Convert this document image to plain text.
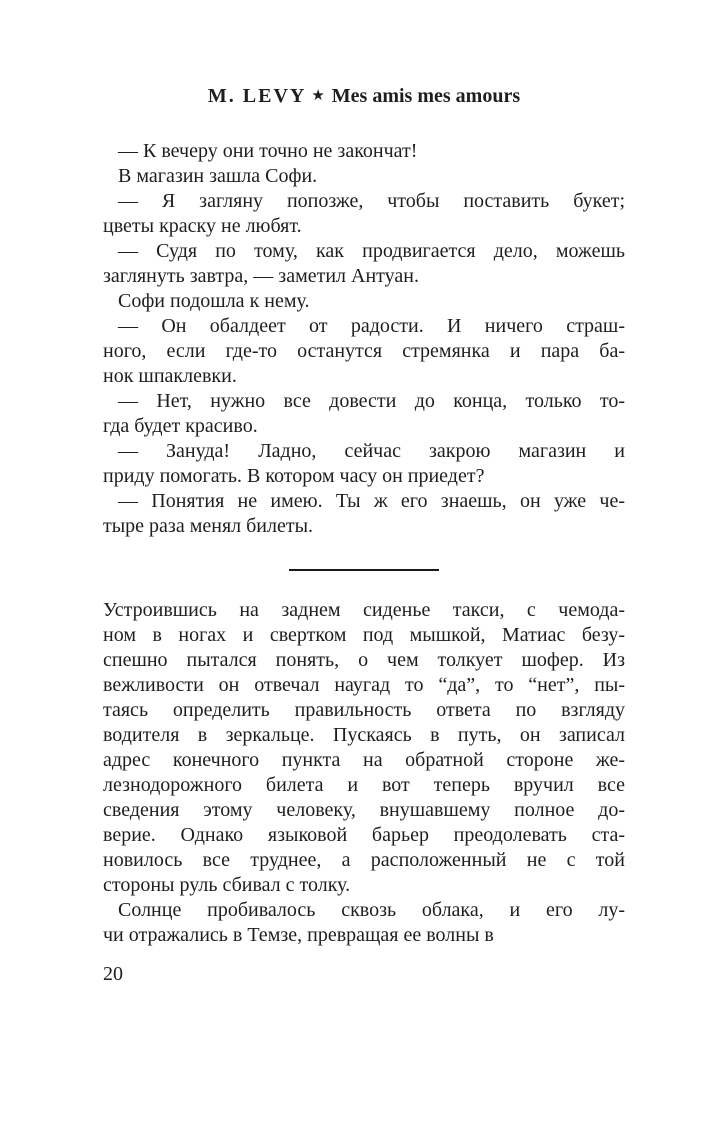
M. LEVY ★ Mes amis mes amours
— К вечеру они точно не закончат!
В магазин зашла Софи.
— Я загляну попозже, чтобы поставить букет;
цветы краску не любят.
— Судя по тому, как продвигается дело, можешь
заглянуть завтра, — заметил Антуан.
Софи подошла к нему.
— Он обалдеет от радости. И ничего страш-
ного, если где-то останутся стремянка и пара ба-
нок шпаклевки.
— Нет, нужно все довести до конца, только то-
гда будет красиво.
— Зануда! Ладно, сейчас закрою магазин и
приду помогать. В котором часу он приедет?
— Понятия не имею. Ты ж его знаешь, он уже че-
тыре раза менял билеты.
Устроившись на заднем сиденье такси, с чемода-
ном в ногах и свертком под мышкой, Матиас безу-
спешно пытался понять, о чем толкует шофер. Из
вежливости он отвечал наугад то “да”, то “нет”, пы-
таясь определить правильность ответа по взгляду
водителя в зеркальце. Пускаясь в путь, он записал
адрес конечного пункта на обратной стороне же-
лезнодорожного билета и вот теперь вручил все
сведения этому человеку, внушавшему полное до-
верие. Однако языковой барьер преодолевать ста-
новилось все труднее, а расположенный не с той
стороны руль сбивал с толку.
Солнце пробивалось сквозь облака, и его лу-
чи отражались в Темзе, превращая ее волны в
20
